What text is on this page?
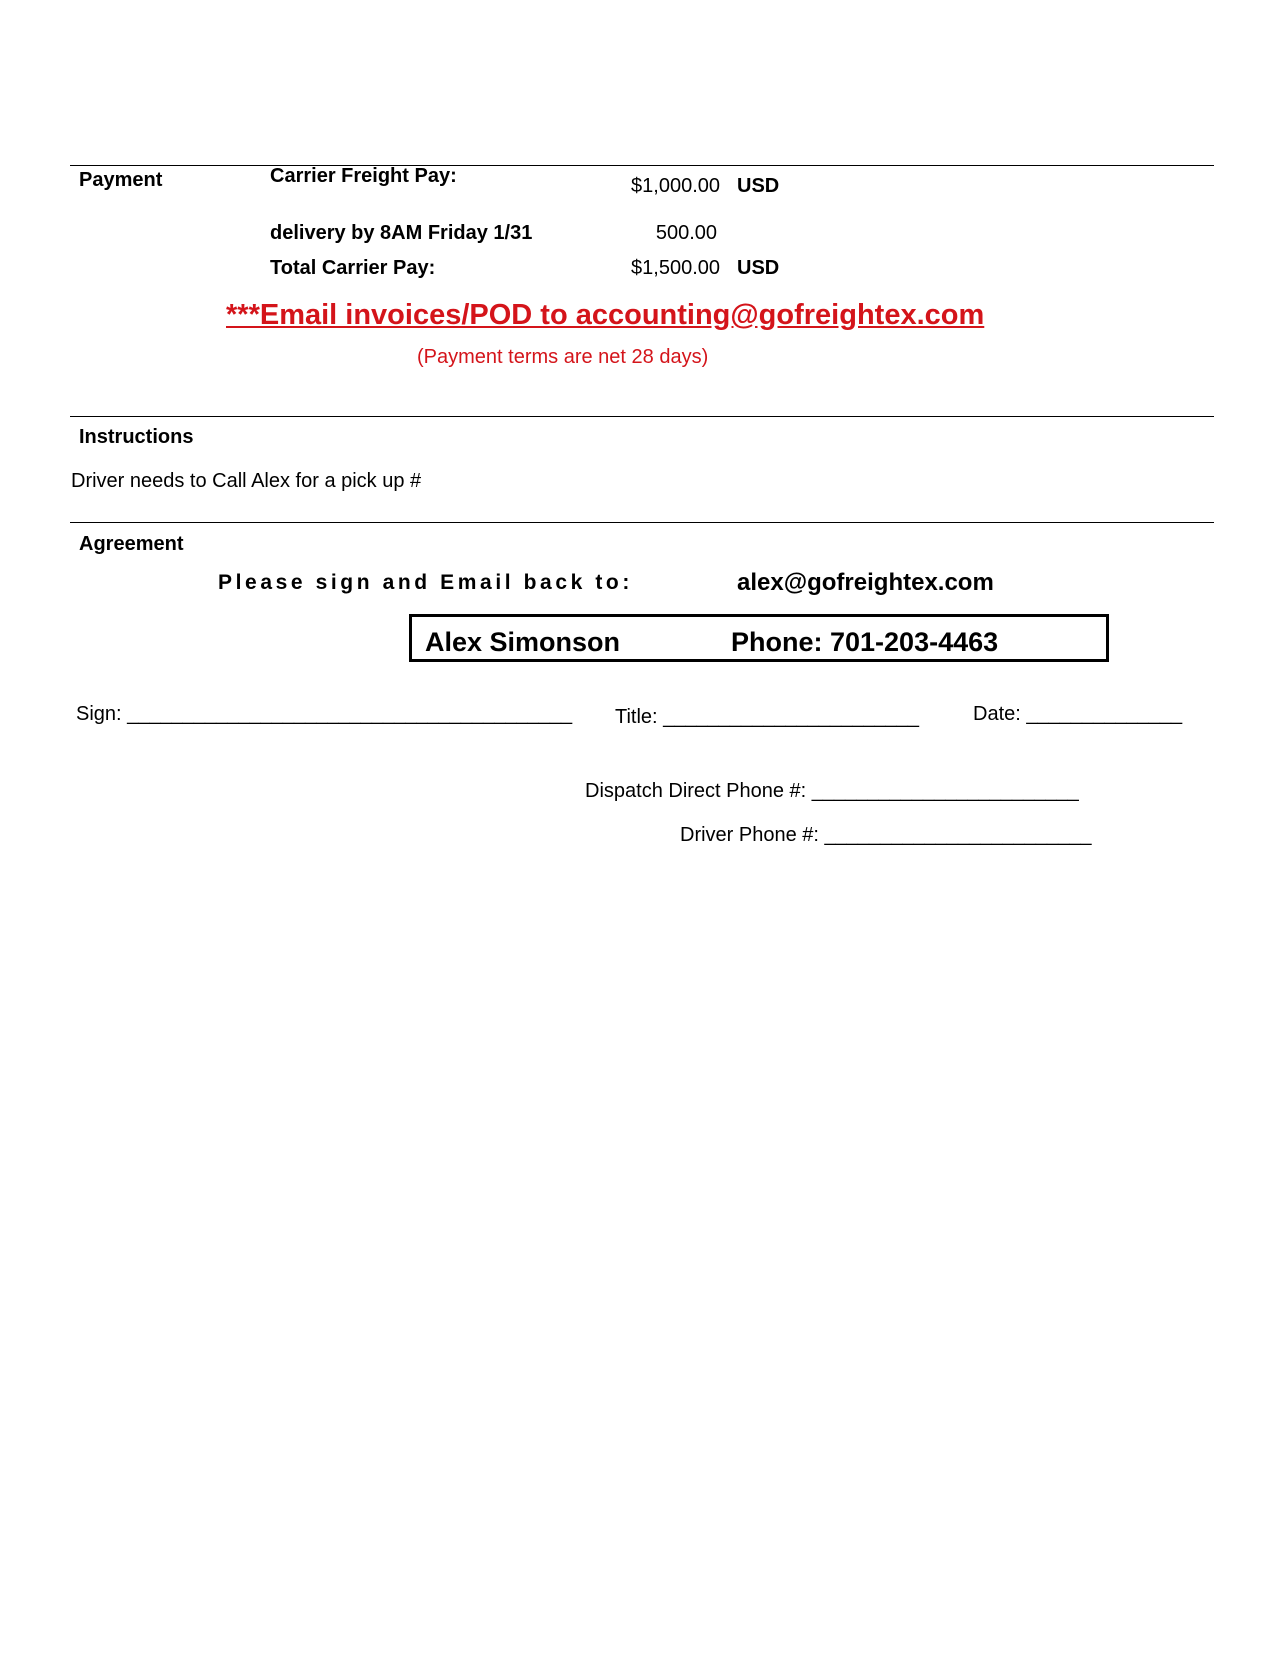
Payment	Carrier Freight Pay:	$1,000.00 USD
delivery by 8AM Friday 1/31	500.00
Total Carrier Pay:	$1,500.00 USD
***Email invoices/POD to accounting@gofreightex.com
(Payment terms are net 28 days)
Instructions
Driver needs to Call Alex for a pick up #
Agreement
Please sign and Email back to:	alex@gofreightex.com
Alex Simonson	Phone: 701-203-4463
Sign: ________________________________________ Title: _______________________	Date: ______________
Dispatch Direct Phone #: ________________________
Driver Phone #: ________________________
